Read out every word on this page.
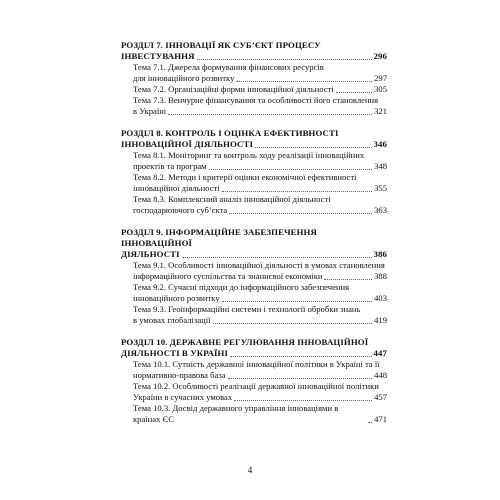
РОЗДІЛ 7. ІННОВАЦІЇ ЯК СУБ’ЄКТ ПРОЦЕСУ
ІНВЕСТУВАННЯ	296
Тема 7.1. Джерела формування фінансових ресурсів
для інноваційного розвитку	297
Тема 7.2. Організаційні форми інноваційної діяльності	305
Тема 7.3. Венчурне фінансування та особливості його становлення
в Україні	321
РОЗДІЛ 8. КОНТРОЛЬ І ОЦІНКА ЕФЕКТИВНОСТІ
ІННОВАЦІЙНОЇ ДІЯЛЬНОСТІ	346
Тема 8.1. Моніторинг та контроль ходу реалізації інноваційних
проектів та програм	348
Тема 8.2. Методи і критерії оцінки економічної ефективності
інноваційної діяльності	355
Тема 8.3. Комплексний аналіз інноваційної діяльності
господарюючого суб’єкта	363
РОЗДІЛ 9. ІНФОРМАЦІЙНЕ ЗАБЕЗПЕЧЕННЯ ІННОВАЦІЙНОЇ
ДІЯЛЬНОСТІ	386
Тема 9.1. Особливості інноваційної діяльності в умовах становлення
інформаційного суспільства та знаннєвої економіки	388
Тема 9.2. Сучасні підходи до інформаційного забезпечення
інноваційного розвитку	403
Тема 9.3. Геоінформаційні системи і технології обробки знань
в умовах глобалізації	419
РОЗДІЛ 10. ДЕРЖАВНЕ РЕГУЛЮВАННЯ ІННОВАЦІЙНОЇ
ДІЯЛЬНОСТІ В УКРАЇНІ	447
Тема 10.1. Сутність державної інноваційної політики в Україні та її
нормативно-правова база	448
Тема 10.2. Особливості реалізації державної інноваційної політики
України в сучасних умовах	457
Тема 10.3. Досвід державного управління інноваціями в країнах ЄС	471
4
